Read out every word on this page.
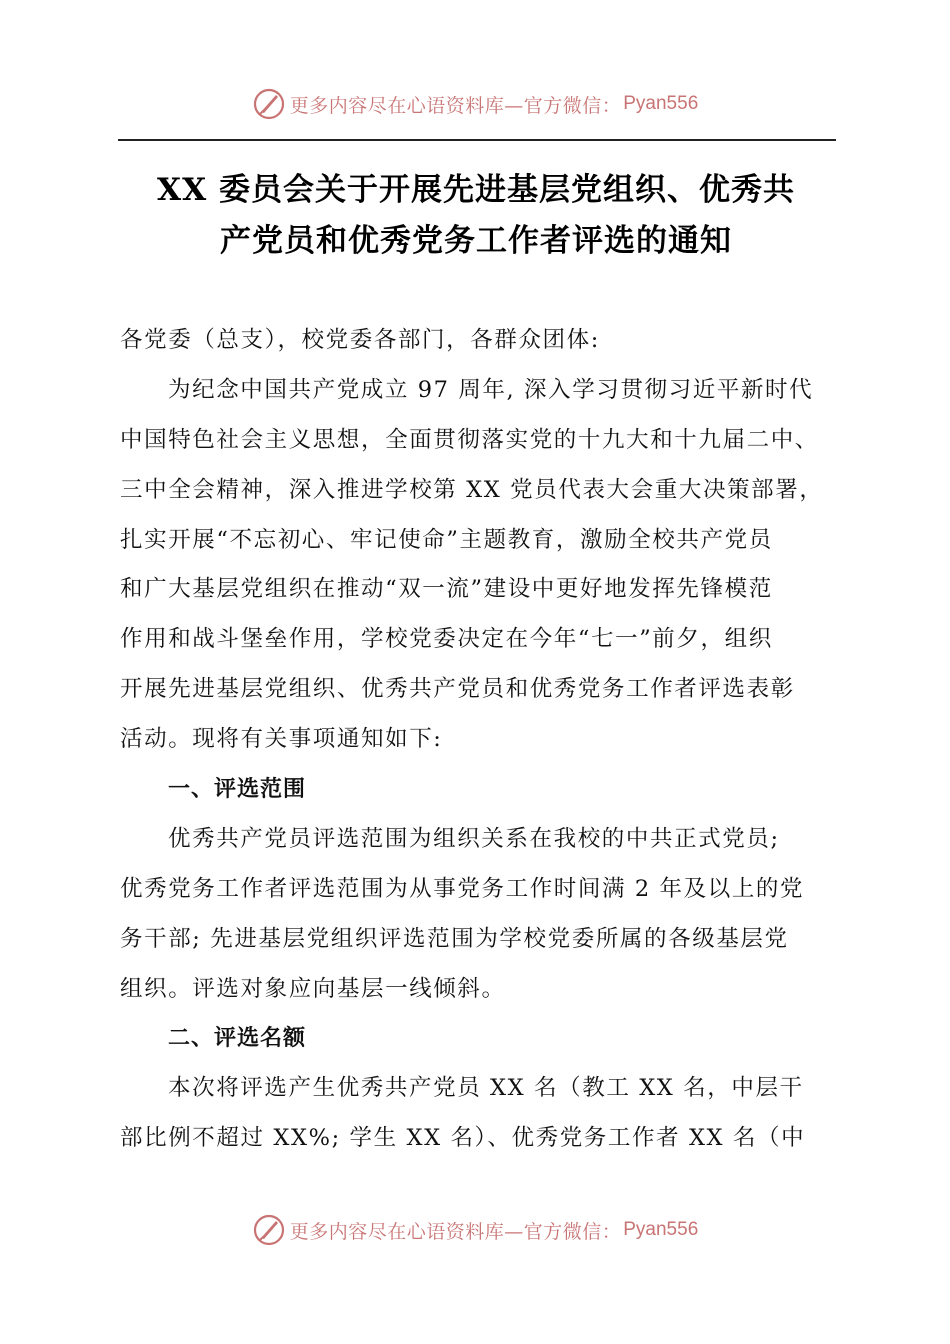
更多内容尽在心语资料库—官方微信： Pyan556
XX 委员会关于开展先进基层党组织、优秀共
产党员和优秀党务工作者评选的通知
各党委（总支），校党委各部门，各群众团体:
为纪念中国共产党成立 97 周年, 深入学习贯彻习近平新时代
中国特色社会主义思想，全面贯彻落实党的十九大和十九届二中、
三中全会精神，深入推进学校第 XX 党员代表大会重大决策部署，
扎实开展“不忘初心、牢记使命”主题教育，激励全校共产党员
和广大基层党组织在推动“双一流”建设中更好地发挥先锋模范
作用和战斗堡垒作用，学校党委决定在今年“七一”前夕，组织
开展先进基层党组织、优秀共产党员和优秀党务工作者评选表彰
活动。现将有关事项通知如下:
一、评选范围
优秀共产党员评选范围为组织关系在我校的中共正式党员;
优秀党务工作者评选范围为从事党务工作时间满 2 年及以上的党
务干部; 先进基层党组织评选范围为学校党委所属的各级基层党
组织。评选对象应向基层一线倾斜。
二、评选名额
本次将评选产生优秀共产党员 XX 名（教工 XX 名，中层干
部比例不超过 XX%; 学生 XX 名）、优秀党务工作者 XX 名（中
更多内容尽在心语资料库—官方微信： Pyan556
